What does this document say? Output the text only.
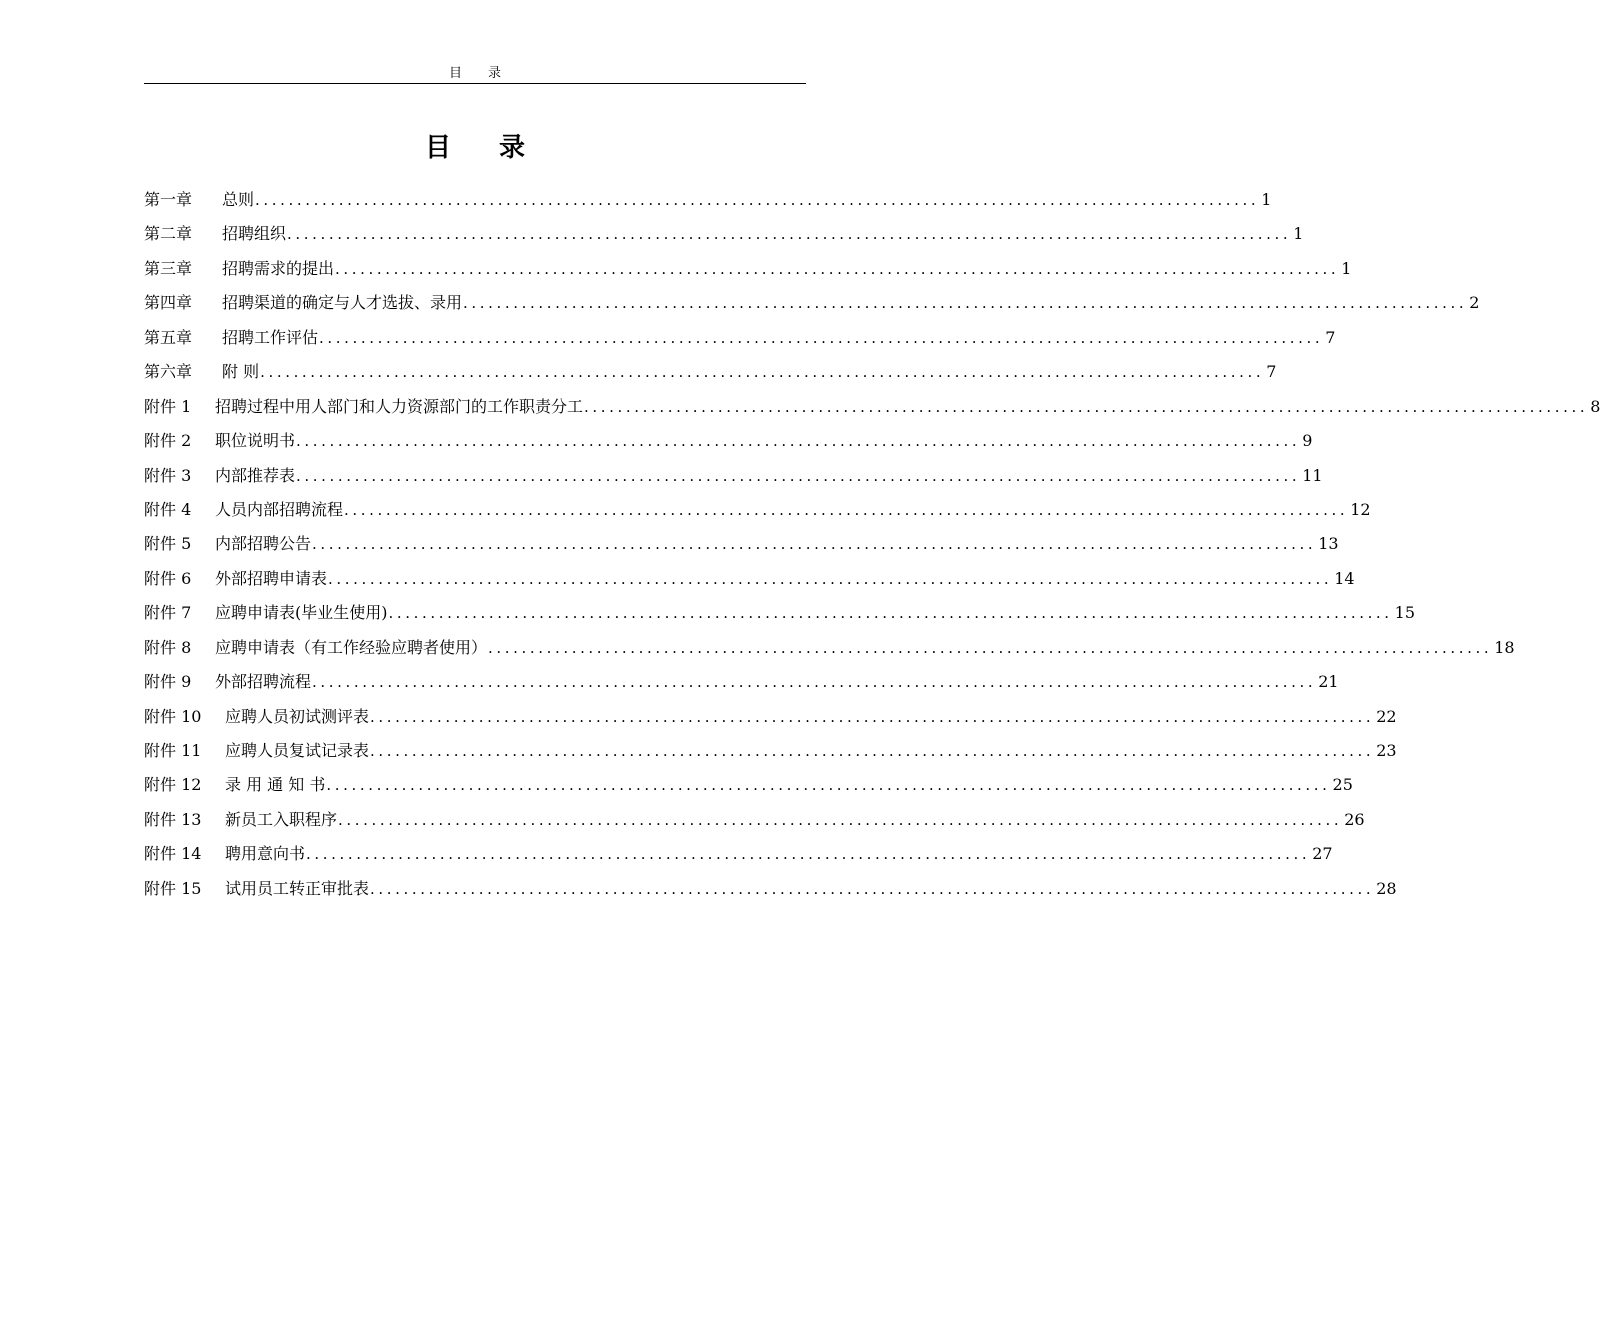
目录
目录
第一章	总则 ........................................................................................................................ 1
第二章	招聘组织 ........................................................................................................................ 1
第三章	招聘需求的提出 ........................................................................................................................ 1
第四章	招聘渠道的确定与人才选拔、录用 ........................................................................................................................ 2
第五章	招聘工作评估 ........................................................................................................................ 7
第六章	附 则 ........................................................................................................................ 7
附件 1	招聘过程中用人部门和人力资源部门的工作职责分工 ........................................................................................................................ 8
附件 2	职位说明书 ........................................................................................................................ 9
附件 3	内部推荐表 ........................................................................................................................ 11
附件 4	人员内部招聘流程 ........................................................................................................................ 12
附件 5	内部招聘公告 ........................................................................................................................ 13
附件 6	外部招聘申请表 ........................................................................................................................ 14
附件 7	应聘申请表(毕业生使用) ........................................................................................................................ 15
附件 8	应聘申请表（有工作经验应聘者使用） ........................................................................................................................ 18
附件 9	外部招聘流程 ........................................................................................................................ 21
附件 10	应聘人员初试测评表 ........................................................................................................................ 22
附件 11	应聘人员复试记录表 ........................................................................................................................ 23
附件 12	录 用 通 知 书 ........................................................................................................................ 25
附件 13	新员工入职程序 ........................................................................................................................ 26
附件 14	聘用意向书 ........................................................................................................................ 27
附件 15	试用员工转正审批表 ........................................................................................................................ 28
